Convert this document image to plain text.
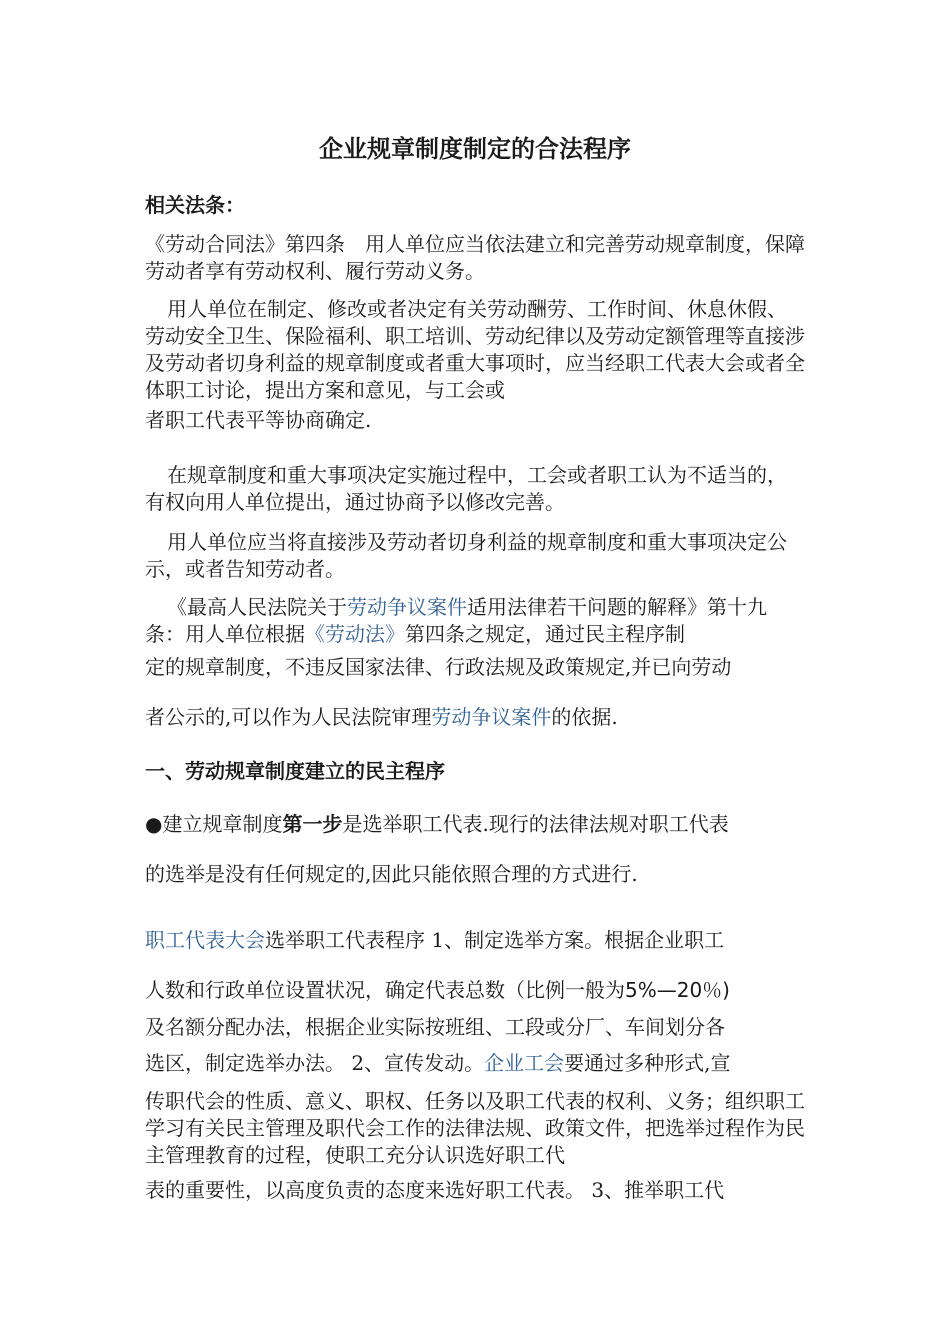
企业规章制度制定的合法程序

相关法条：

《劳动合同法》第四条　用人单位应当依法建立和完善劳动规章制度，保障劳动者享有劳动权利、履行劳动义务。

用人单位在制定、修改或者决定有关劳动酬劳、工作时间、休息休假、劳动安全卫生、保险福利、职工培训、劳动纪律以及劳动定额管理等直接涉及劳动者切身利益的规章制度或者重大事项时，应当经职工代表大会或者全体职工讨论，提出方案和意见，与工会或

者职工代表平等协商确定.

在规章制度和重大事项决定实施过程中，工会或者职工认为不适当的，有权向用人单位提出，通过协商予以修改完善。

用人单位应当将直接涉及劳动者切身利益的规章制度和重大事项决定公示，或者告知劳动者。

《最高人民法院关于劳动争议案件适用法律若干问题的解释》第十九条：用人单位根据《劳动法》第四条之规定，通过民主程序制

定的规章制度，不违反国家法律、行政法规及政策规定,并已向劳动

者公示的,可以作为人民法院审理劳动争议案件的依据.

一、劳动规章制度建立的民主程序

●建立规章制度第一步是选举职工代表.现行的法律法规对职工代表

的选举是没有任何规定的,因此只能依照合理的方式进行.

职工代表大会选举职工代表程序 1、制定选举方案。根据企业职工

人数和行政单位设置状况，确定代表总数（比例一般为5%—20％)

及名额分配办法，根据企业实际按班组、工段或分厂、车间划分各

选区，制定选举办法。 2、宣传发动。企业工会要通过多种形式,宣

传职代会的性质、意义、职权、任务以及职工代表的权利、义务；组织职工学习有关民主管理及职代会工作的法律法规、政策文件，把选举过程作为民主管理教育的过程，使职工充分认识选好职工代

表的重要性，以高度负责的态度来选好职工代表。 3、推举职工代
